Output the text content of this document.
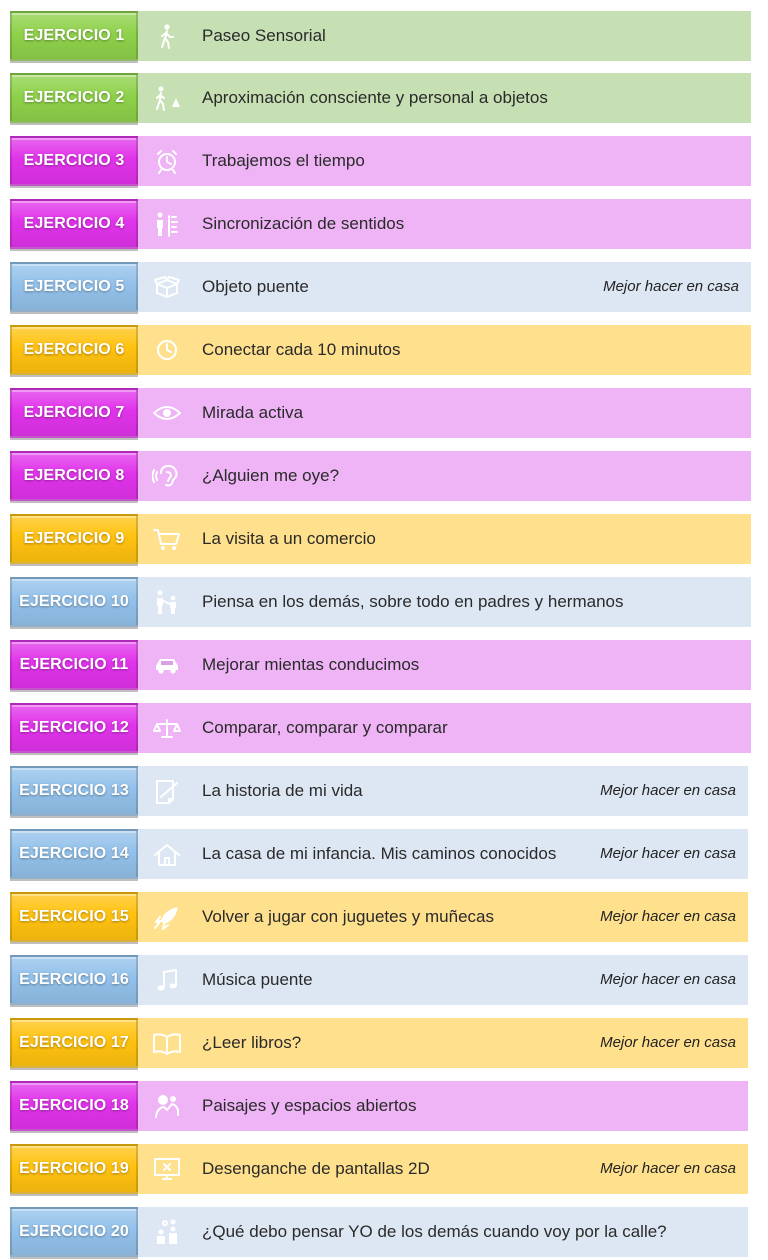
EJERCICIO 1	Paseo Sensorial
EJERCICIO 2	Aproximación consciente y personal a objetos
EJERCICIO 3	Trabajemos el tiempo
EJERCICIO 4	Sincronización de sentidos
EJERCICIO 5	Objeto puente	Mejor hacer en casa
EJERCICIO 6	Conectar cada 10 minutos
EJERCICIO 7	Mirada activa
EJERCICIO 8	¿Alguien me oye?
EJERCICIO 9	La visita a un comercio
EJERCICIO 10	Piensa en los demás, sobre todo en padres y hermanos
EJERCICIO 11	Mejorar mientas conducimos
EJERCICIO 12	Comparar, comparar y comparar
EJERCICIO 13	La historia de mi vida	Mejor hacer en casa
EJERCICIO 14	La casa de mi infancia. Mis caminos conocidos	Mejor hacer en casa
EJERCICIO 15	Volver a jugar con juguetes y muñecas	Mejor hacer en casa
EJERCICIO 16	Música puente	Mejor hacer en casa
EJERCICIO 17	¿Leer libros?	Mejor hacer en casa
EJERCICIO 18	Paisajes y espacios abiertos
EJERCICIO 19	Desenganche de pantallas 2D	Mejor hacer en casa
EJERCICIO 20	¿Qué debo pensar YO de los demás cuando voy por la calle?
